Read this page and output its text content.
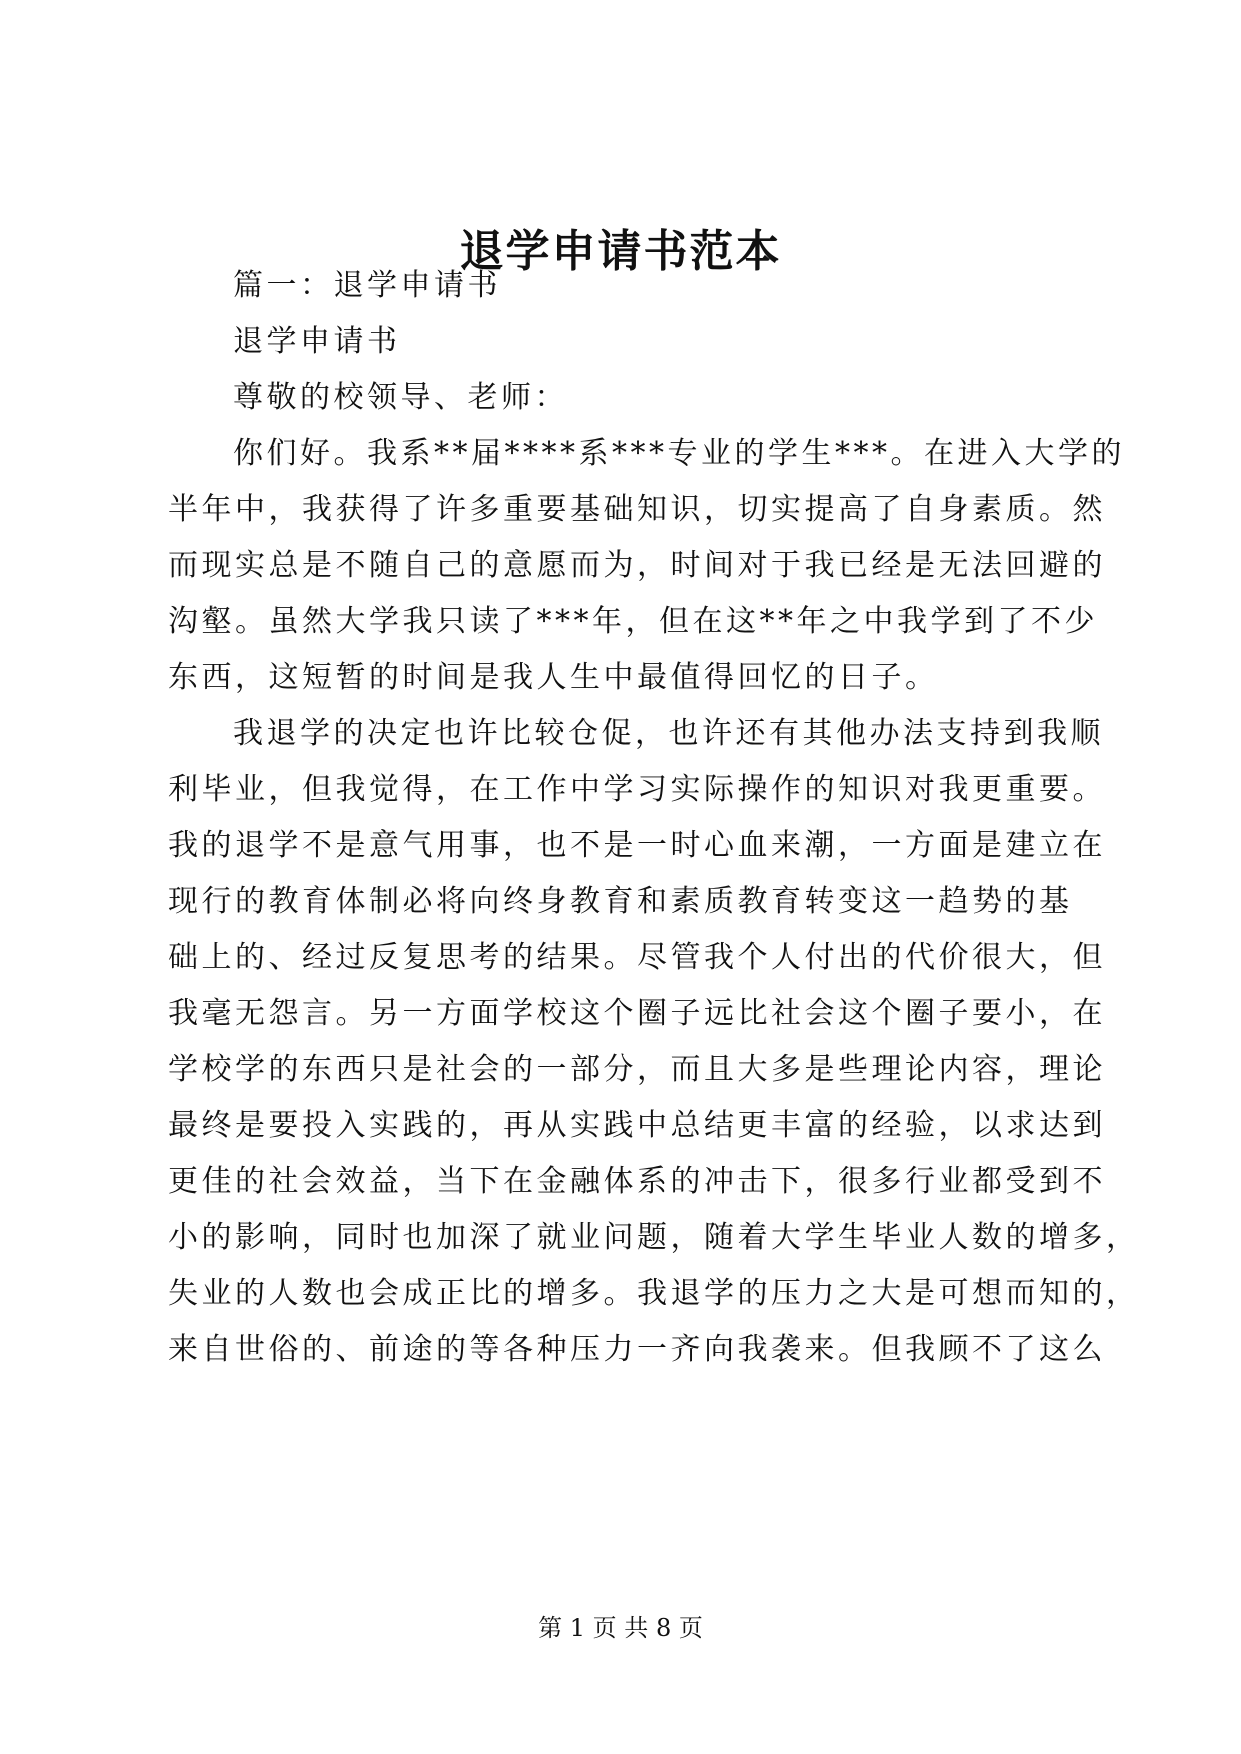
退学申请书范本
篇一：退学申请书
退学申请书
尊敬的校领导、老师：
你们好。我系**届****系***专业的学生***。在进入大学的
半年中，我获得了许多重要基础知识，切实提高了自身素质。然
而现实总是不随自己的意愿而为，时间对于我已经是无法回避的
沟壑。虽然大学我只读了***年，但在这**年之中我学到了不少
东西，这短暂的时间是我人生中最值得回忆的日子。
我退学的决定也许比较仓促，也许还有其他办法支持到我顺
利毕业，但我觉得，在工作中学习实际操作的知识对我更重要。
我的退学不是意气用事，也不是一时心血来潮，一方面是建立在
现行的教育体制必将向终身教育和素质教育转变这一趋势的基
础上的、经过反复思考的结果。尽管我个人付出的代价很大，但
我毫无怨言。另一方面学校这个圈子远比社会这个圈子要小，在
学校学的东西只是社会的一部分，而且大多是些理论内容，理论
最终是要投入实践的，再从实践中总结更丰富的经验，以求达到
更佳的社会效益，当下在金融体系的冲击下，很多行业都受到不
小的影响，同时也加深了就业问题，随着大学生毕业人数的增多，
失业的人数也会成正比的增多。我退学的压力之大是可想而知的，
来自世俗的、前途的等各种压力一齐向我袭来。但我顾不了这么
第 1 页 共 8 页
